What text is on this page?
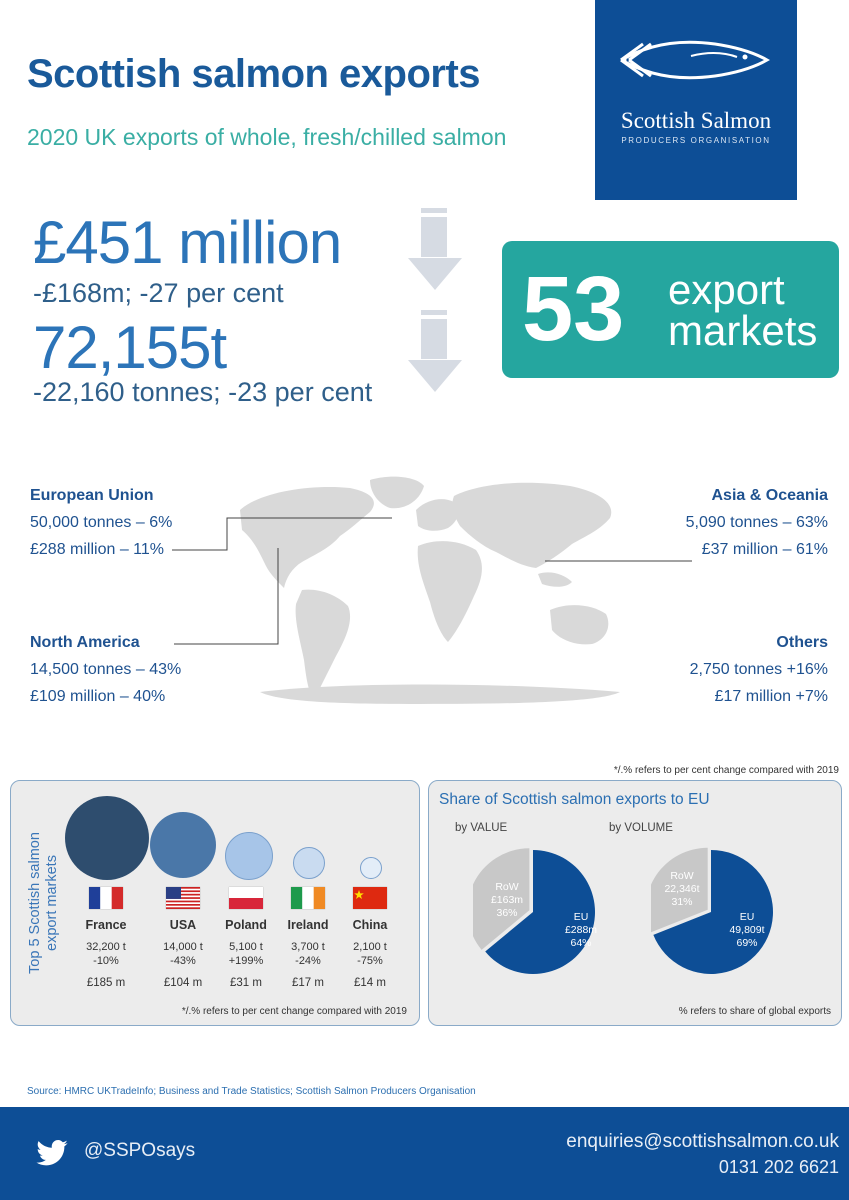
Scottish salmon exports
2020 UK exports of whole, fresh/chilled salmon
Scottish Salmon
PRODUCERS ORGANISATION
£451 million
-£168m; -27 per cent
72,155t
-22,160 tonnes; -23 per cent
53 export
markets
European Union
50,000 tonnes – 6%
£288 million – 11%
Asia & Oceania
5,090 tonnes – 63%
£37 million – 61%
North America
14,500 tonnes – 43%
£109 million – 40%
Others
2,750 tonnes +16%
£17 million +7%
*/.% refers to per cent change compared with 2019
Top 5 Scottish salmon export markets	France
32,200 t
-10%
£185 m
USA
14,000 t
-43%
£104 m
Poland
5,100 t
+199%
£31 m
Ireland
3,700 t
-24%
£17 m
China
2,100 t
-75%
£14 m
*/.% refers to per cent change compared with 2019
Share of Scottish salmon exports to EU
by VALUE	by VOLUME
RoW
£163m
36%	EU
£288m
64%
RoW
22,346t
31%
EU
49,809t
69%
% refers to share of global exports
Source: HMRC UKTradeInfo; Business and Trade Statistics; Scottish Salmon Producers Organisation
@SSPOsays	enquiries@scottishsalmon.co.uk
0131 202 6621
